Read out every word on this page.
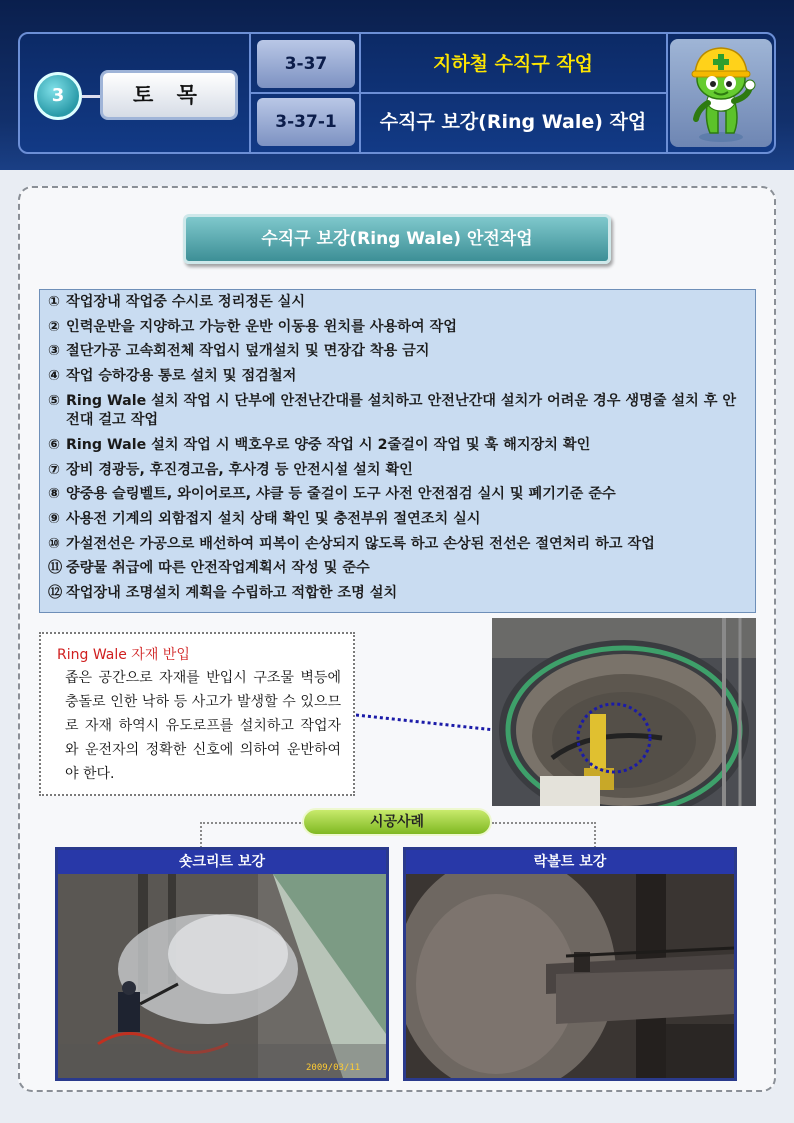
3	토 목
3-37	지하철 수직구 작업
3-37-1	수직구 보강(Ring Wale) 작업
수직구 보강(Ring Wale) 안전작업
① 작업장내 작업중 수시로 정리정돈 실시
② 인력운반을 지양하고 가능한 운반 이동용 윈치를 사용하여 작업
③ 절단가공 고속회전체 작업시 덮개설치 및 면장갑 착용 금지
④ 작업 승하강용 통로 설치 및 점검철저
⑤ Ring Wale 설치 작업 시 단부에 안전난간대를 설치하고 안전난간대 설치가 어려운 경우 생명줄 설치 후 안전대 걸고 작업
⑥ Ring Wale 설치 작업 시 백호우로 양중 작업 시 2줄걸이 작업 및 훅 해지장치 확인
⑦ 장비 경광등, 후진경고음, 후사경 등 안전시설 설치 확인
⑧ 양중용 슬링벨트, 와이어로프, 샤클 등 줄걸이 도구 사전 안전점검 실시 및 폐기기준 준수
⑨ 사용전 기계의 외함접지 설치 상태 확인 및 충전부위 절연조치 실시
⑩ 가설전선은 가공으로 배선하여 피복이 손상되지 않도록 하고 손상된 전선은 절연처리 하고 작업
⑪ 중량물 취급에 따른 안전작업계획서 작성 및 준수
⑫ 작업장내 조명설치 계획을 수립하고 적합한 조명 설치
Ring Wale 자재 반입

좁은 공간으로 자재를 반입시 구조물 벽등에 충돌로 인한 낙하 등 사고가 발생할 수 있으므로 자재 하역시 유도로프를 설치하고 작업자와 운전자의 정확한 신호에 의하여 운반하여야 한다.

시공사례
숏크리트 보강
2009/03/11
락볼트 보강
